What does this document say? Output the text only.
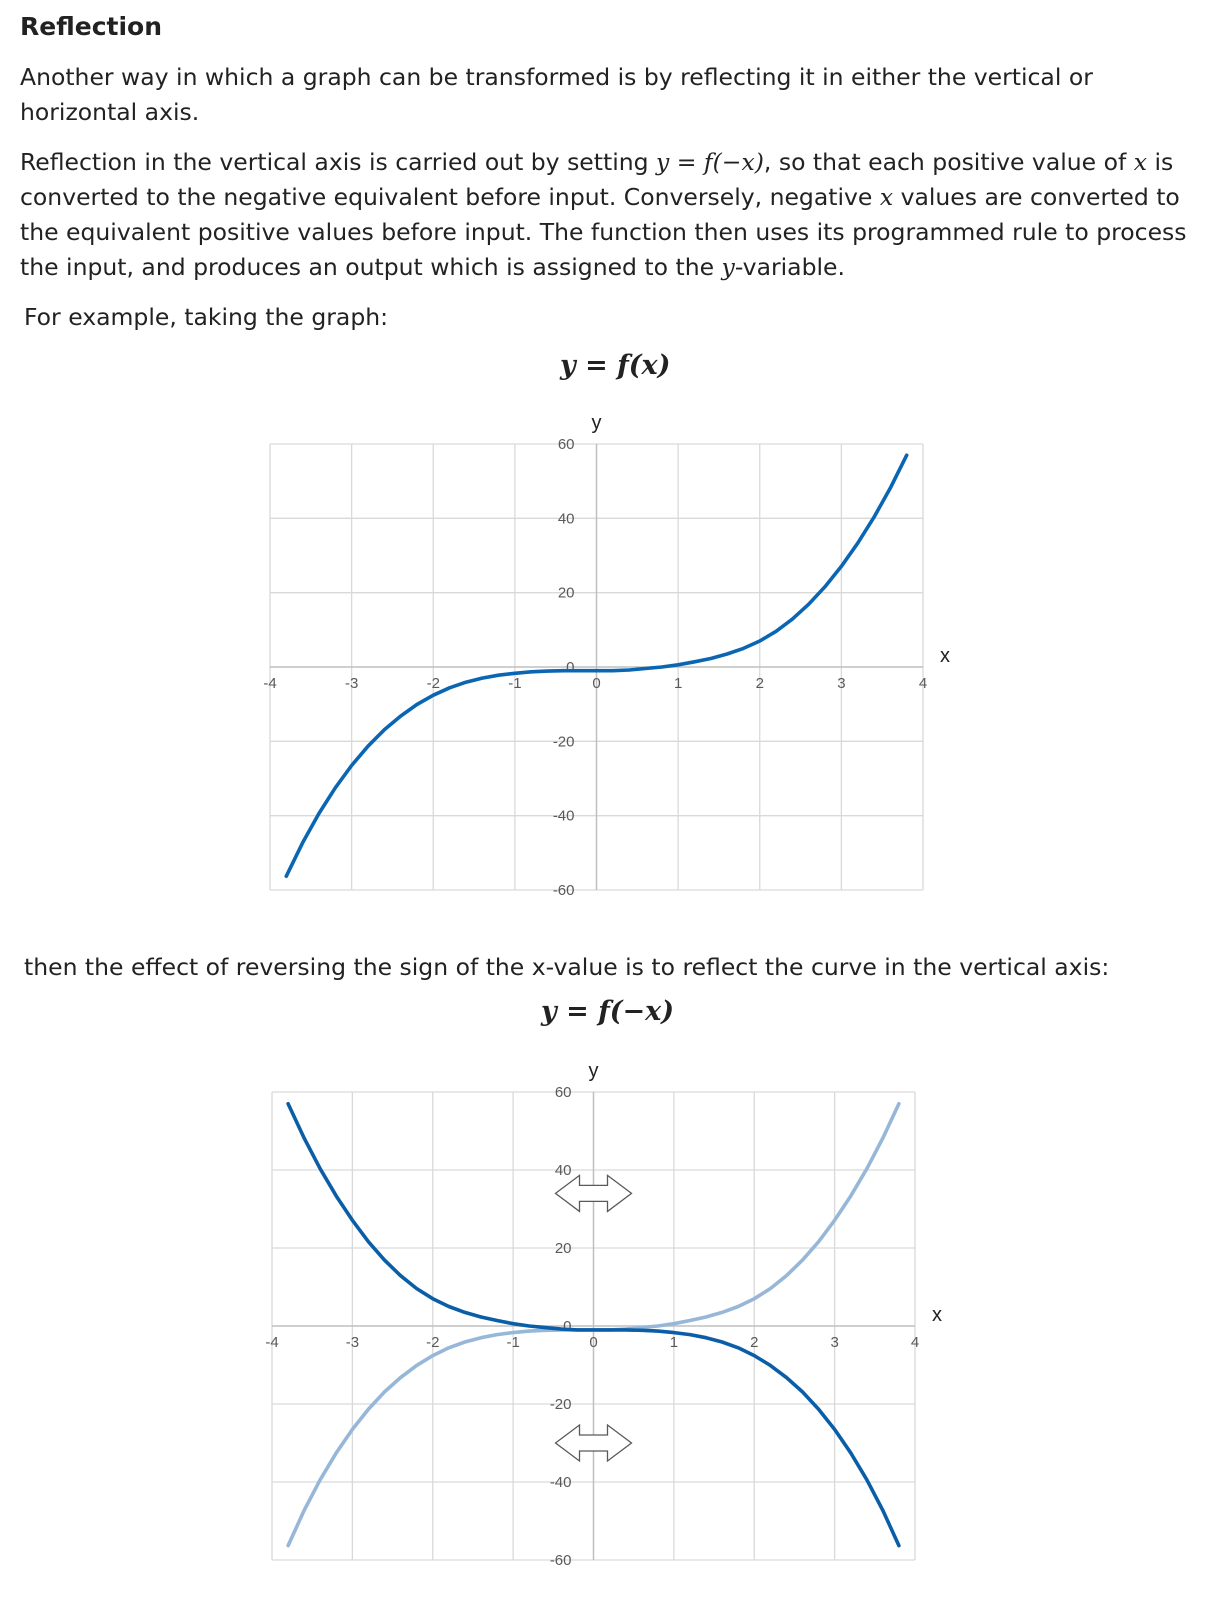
Reflection

Another way in which a graph can be transformed is by reflecting it in either the vertical or horizontal axis.

Reflection in the vertical axis is carried out by setting y = f(−x), so that each positive value of x is converted to the negative equivalent before input. Conversely, negative x values are converted to the equivalent positive values before input. The function then uses its programmed rule to process the input, and produces an output which is assigned to the y-variable.

For example, taking the graph:

y = f(x)
-4	-3	-2	-1	0	1	2	3	4
60
40
20
0
-20
-40
-60
x
y

then the effect of reversing the sign of the x-value is to reflect the curve in the vertical axis:

y = f(−x)
-4	-3	-2	-1	0	1	2	3	4
60
40
20
0
-20
-40
-60
x
y
